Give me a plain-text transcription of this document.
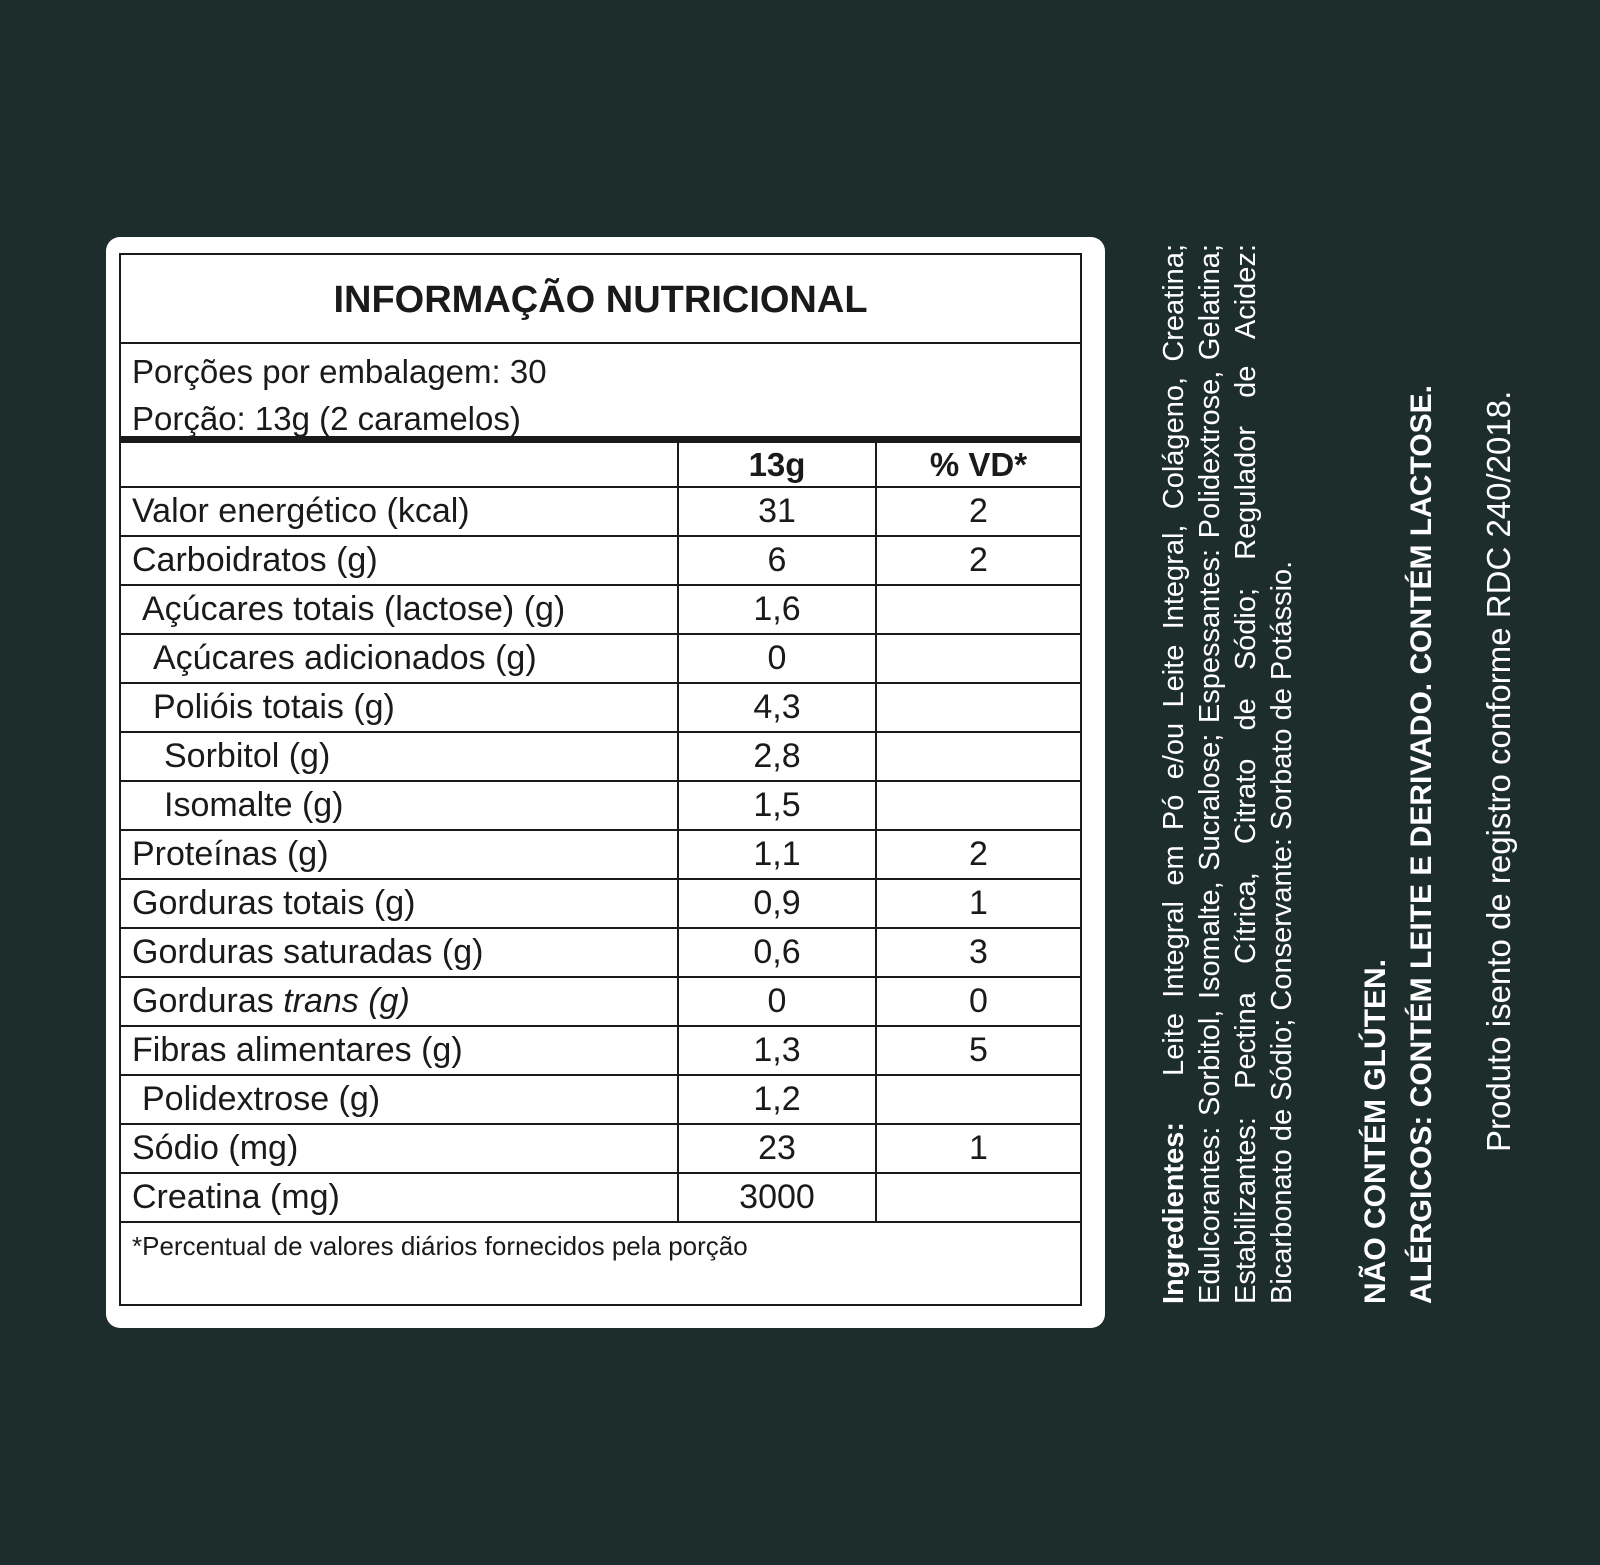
INFORMAÇÃO NUTRICIONAL
Porções por embalagem: 30
Porção: 13g (2 caramelos)
	13g	% VD*
Valor energético (kcal)	31	2
Carboidratos (g)	6	2
Açúcares totais (lactose) (g)	1,6	
Açúcares adicionados (g)	0	
Polióis totais (g)	4,3	
Sorbitol (g)	2,8	
Isomalte (g)	1,5	
Proteínas (g)	1,1	2
Gorduras totais (g)	0,9	1
Gorduras saturadas (g)	0,6	3
Gorduras trans (g)	0	0
Fibras alimentares (g)	1,3	5
Polidextrose (g)	1,2	
Sódio (mg)	23	1
Creatina (mg)	3000	
*Percentual de valores diários fornecidos pela porção	Ingredientes:   Leite Integral em Pó e/ou Leite Integral, Colágeno, Creatina; Edulcorantes: Sorbitol, Isomalte, Sucralose; Espessantes: Polidextrose, Gelatina; Estabilizantes: Pectina Cítrica, Citrato de Sódio; Regulador de Acidez: Bicarbonato de Sódio; Conservante: Sorbato de Potássio. NÃO CONTÉM GLÚTEN. ALÉRGICOS: CONTÉM LEITE E DERIVADO. CONTÉM LACTOSE. Produto isento de registro conforme RDC 240/2018.
